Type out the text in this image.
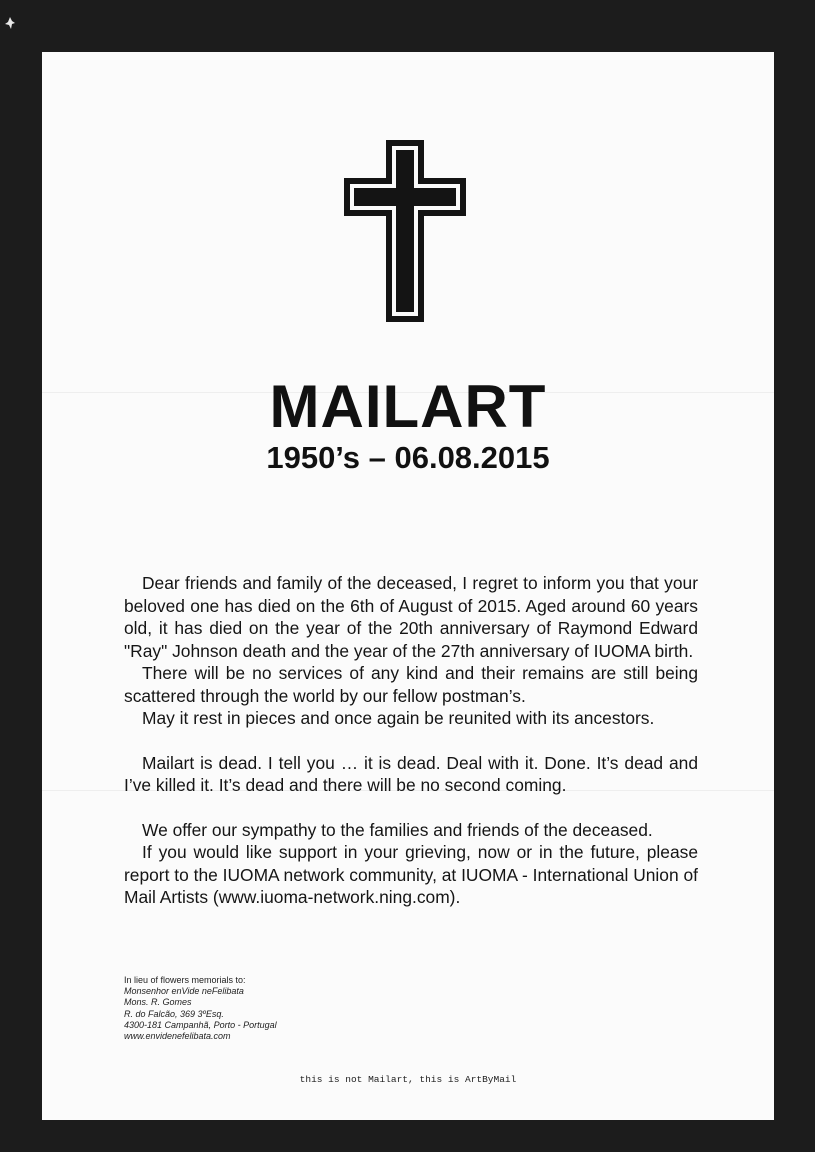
MAILART
1950’s – 06.08.2015

Dear friends and family of the deceased, I regret to inform you that your beloved one has died on the 6th of August of 2015. Aged around 60 years old, it has died on the year of the 20th anniversary of Raymond Edward "Ray" Johnson death and the year of the 27th anniversary of IUOMA birth.

There will be no services of any kind and their remains are still being scattered through the world by our fellow postman’s.

May it rest in pieces and once again be reunited with its ancestors.

Mailart is dead. I tell you … it is dead. Deal with it. Done. It’s dead and I’ve killed it. It’s dead and there will be no second coming.

We offer our sympathy to the families and friends of the deceased.

If you would like support in your grieving, now or in the future, please report to the IUOMA network community, at IUOMA - International Union of Mail Artists (www.iuoma-network.ning.com).

In lieu of flowers memorials to:
Monsenhor enVide neFelibata
Mons. R. Gomes
R. do Falcão, 369 3ºEsq.
4300-181 Campanhã, Porto - Portugal
www.envidenefelibata.com
this is not Mailart, this is ArtByMail
